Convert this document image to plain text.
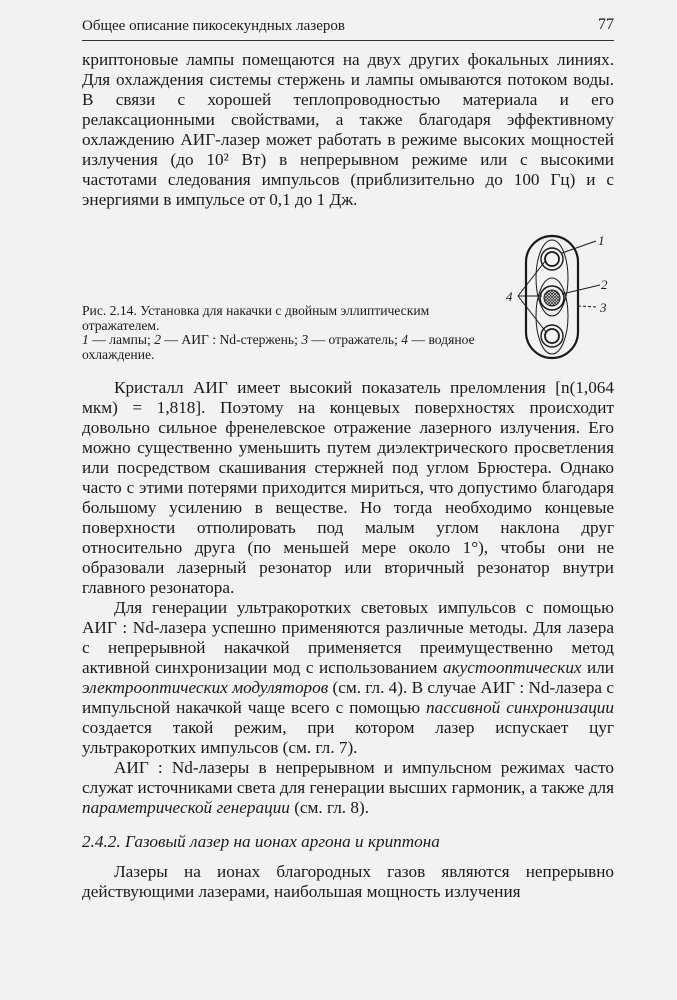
Общее описание пикосекундных лазеров	77

криптоновые лампы помещаются на двух других фокальных линиях. Для охлаждения системы стержень и лампы омываются потоком воды. В связи с хорошей теплопроводностью материала и его релаксационными свойствами, а также благодаря эффективному охлаждению АИГ-лазер может работать в режиме высоких мощностей излучения (до 10² Вт) в непрерывном режиме или с высокими частотами следования импульсов (приблизительно до 100 Гц) и с энергиями в импульсе от 0,1 до 1 Дж.

Рис. 2.14. Установка для накачки с двойным эллиптическим отражателем.
1 — лампы; 2 — АИГ : Nd-стержень; 3 — отражатель; 4 — водяное охлаждение.

1
2
3
4

Кристалл АИГ имеет высокий показатель преломления [n(1,064 мкм) = 1,818]. Поэтому на концевых поверхностях происходит довольно сильное френелевское отражение лазерного излучения. Его можно существенно уменьшить путем диэлектрического просветления или посредством скашивания стержней под углом Брюстера. Однако часто с этими потерями приходится мириться, что допустимо благодаря большому усилению в веществе. Но тогда необходимо концевые поверхности отполировать под малым углом наклона друг относительно друга (по меньшей мере около 1°), чтобы они не образовали лазерный резонатор или вторичный резонатор внутри главного резонатора.

Для генерации ультракоротких световых импульсов с помощью АИГ : Nd-лазера успешно применяются различные методы. Для лазера с непрерывной накачкой применяется преимущественно метод активной синхронизации мод с использованием акустооптических или электрооптических модуляторов (см. гл. 4). В случае АИГ : Nd-лазера с импульсной накачкой чаще всего с помощью пассивной синхронизации создается такой режим, при котором лазер испускает цуг ультракоротких импульсов (см. гл. 7).

АИГ : Nd-лазеры в непрерывном и импульсном режимах часто служат источниками света для генерации высших гармоник, а также для параметрической генерации (см. гл. 8).

2.4.2. Газовый лазер на ионах аргона и криптона

Лазеры на ионах благородных газов являются непрерывно действующими лазерами, наибольшая мощность излучения
